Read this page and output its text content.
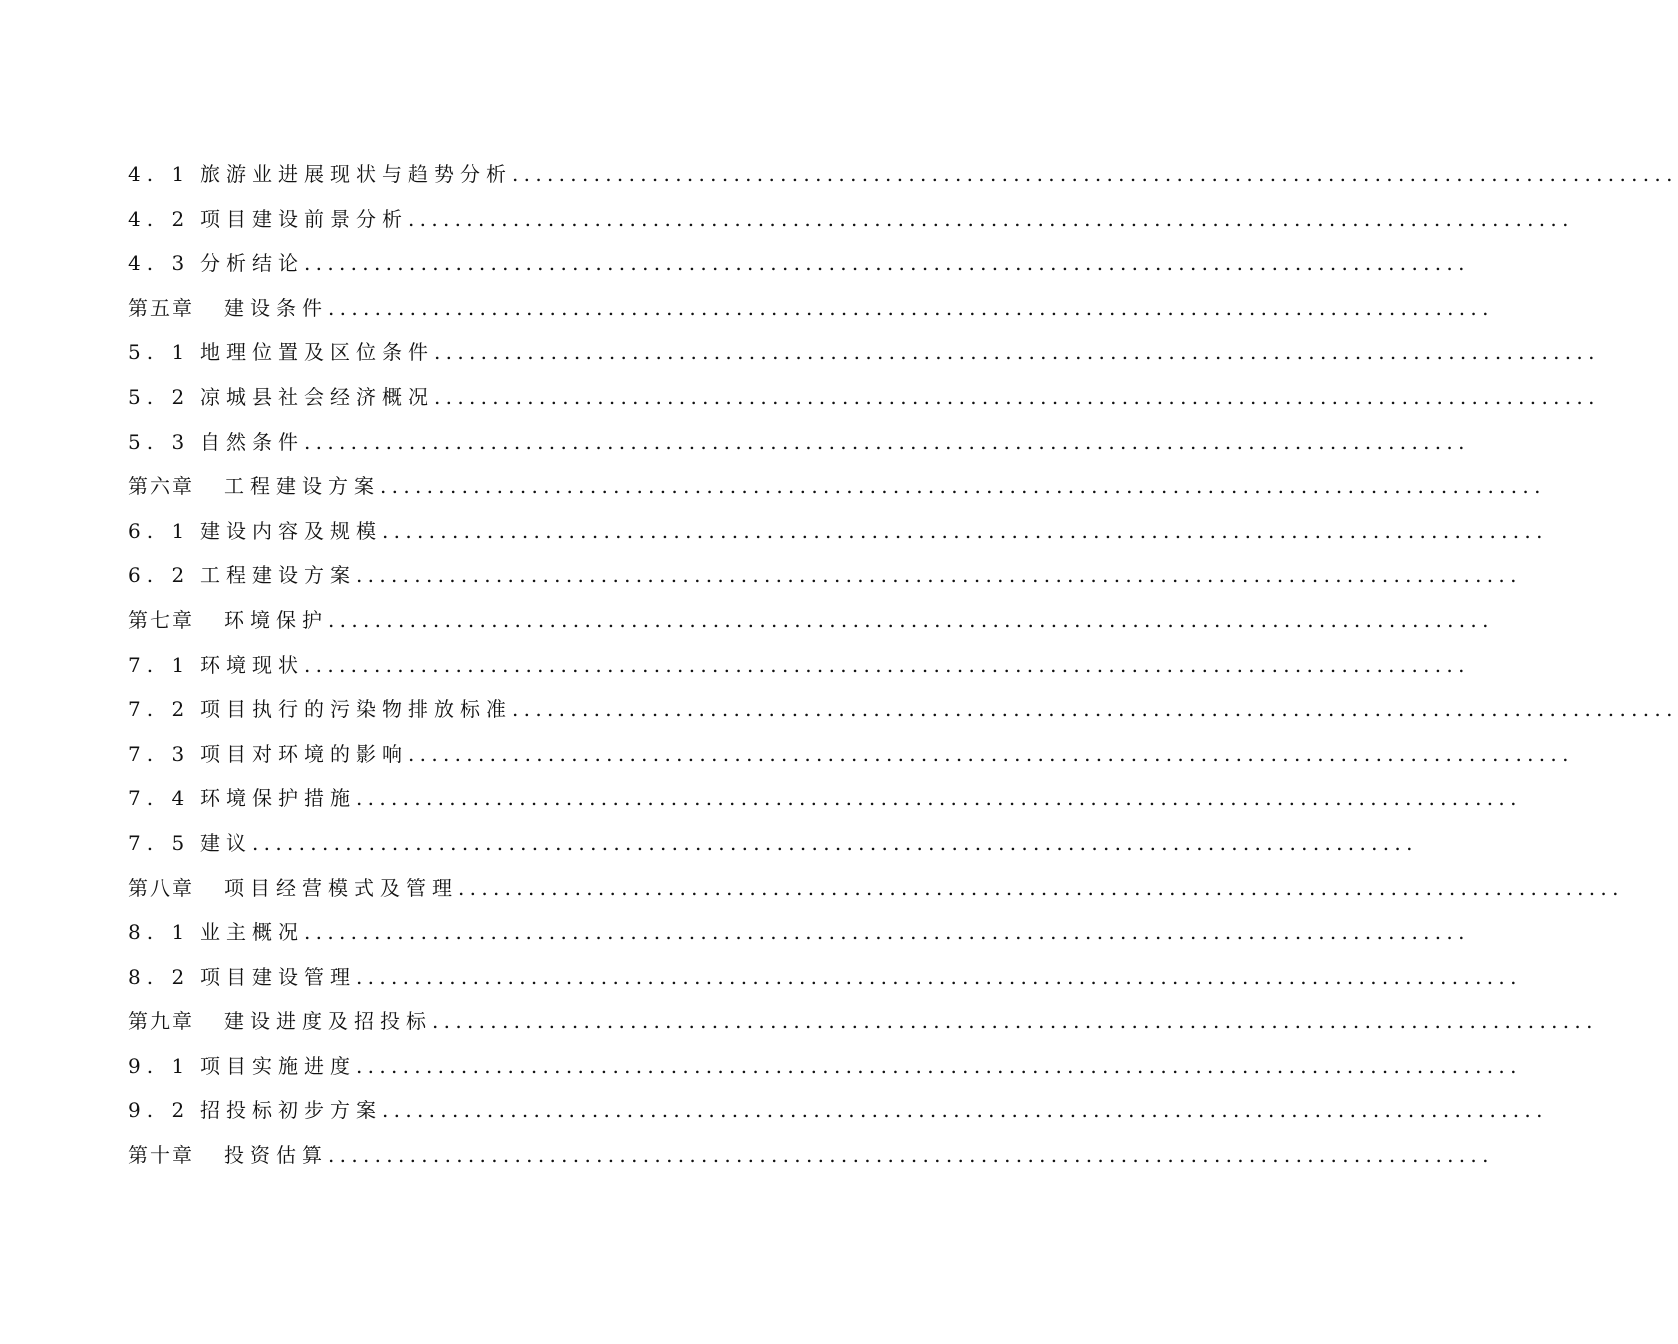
4. 1 旅游业进展现状与趋势分析 ....................................................................................................
4. 2 项目建设前景分析 ....................................................................................................
4. 3 分析结论 ....................................................................................................
第五章	建设条件 ....................................................................................................
5. 1 地理位置及区位条件 ....................................................................................................
5. 2 凉城县社会经济概况 ....................................................................................................
5. 3 自然条件 ....................................................................................................
第六章	工程建设方案 ....................................................................................................
6. 1 建设内容及规模 ....................................................................................................
6. 2 工程建设方案 ....................................................................................................
第七章	环境保护 ....................................................................................................
7. 1 环境现状 ....................................................................................................
7. 2 项目执行的污染物排放标准 ....................................................................................................
7. 3 项目对环境的影响 ....................................................................................................
7. 4 环境保护措施 ....................................................................................................
7. 5 建议 ....................................................................................................
第八章	项目经营模式及管理 ....................................................................................................
8. 1 业主概况 ....................................................................................................
8. 2 项目建设管理 ....................................................................................................
第九章	建设进度及招投标 ....................................................................................................
9. 1 项目实施进度 ....................................................................................................
9. 2 招投标初步方案 ....................................................................................................
第十章	投资估算 ....................................................................................................
